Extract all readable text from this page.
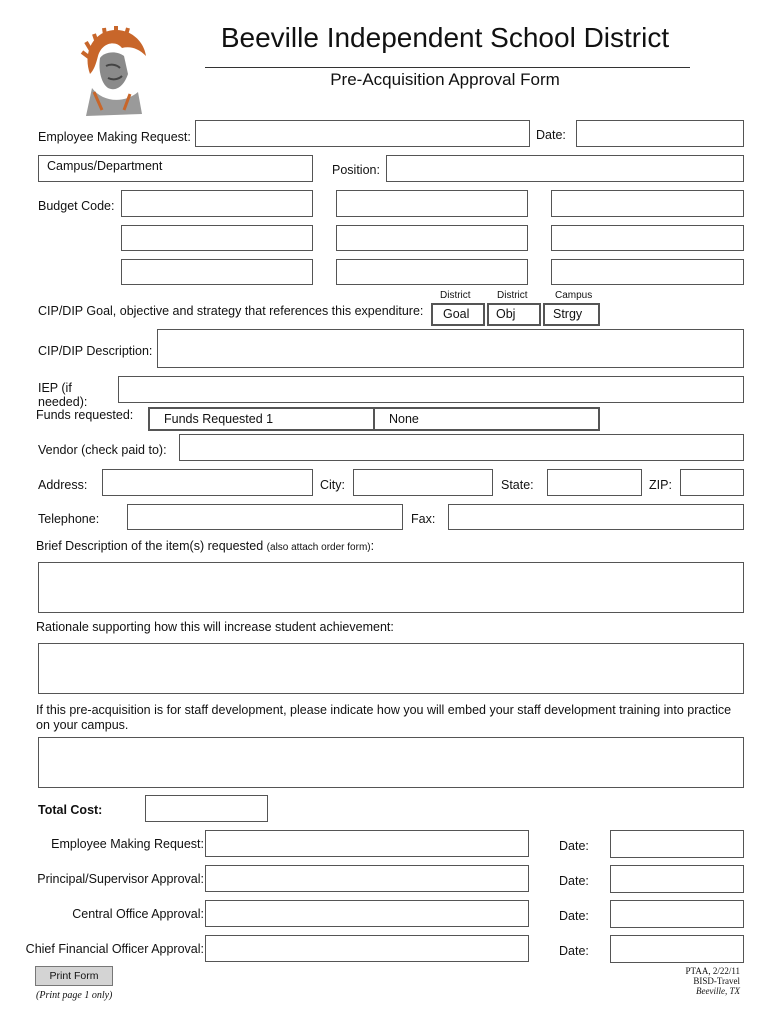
Beeville Independent School District
Pre-Acquisition Approval Form
Employee Making Request:	Date:
Campus/Department	Position:
Budget Code:
District	District	Campus
CIP/DIP Goal, objective and strategy that references this expenditure:	Goal	Obj	Strgy
CIP/DIP Description:
IEP (if needed):
Funds requested:	Funds Requested 1	None
Vendor (check paid to):
Address:	City:	State:	ZIP:
Telephone:	Fax:
Brief Description of the item(s) requested (also attach order form):
Rationale supporting how this will increase student achievement:
If this pre-acquisition is for staff development, please indicate how you will embed your staff development training into practice on your campus.
Total Cost:
Employee Making Request:	Date:
Principal/Supervisor Approval:	Date:
Central Office Approval:	Date:
Chief Financial Officer Approval:	Date:
Print Form
(Print page 1 only)
PTAA, 2/22/11
BISD-Travel
Beeville, TX
